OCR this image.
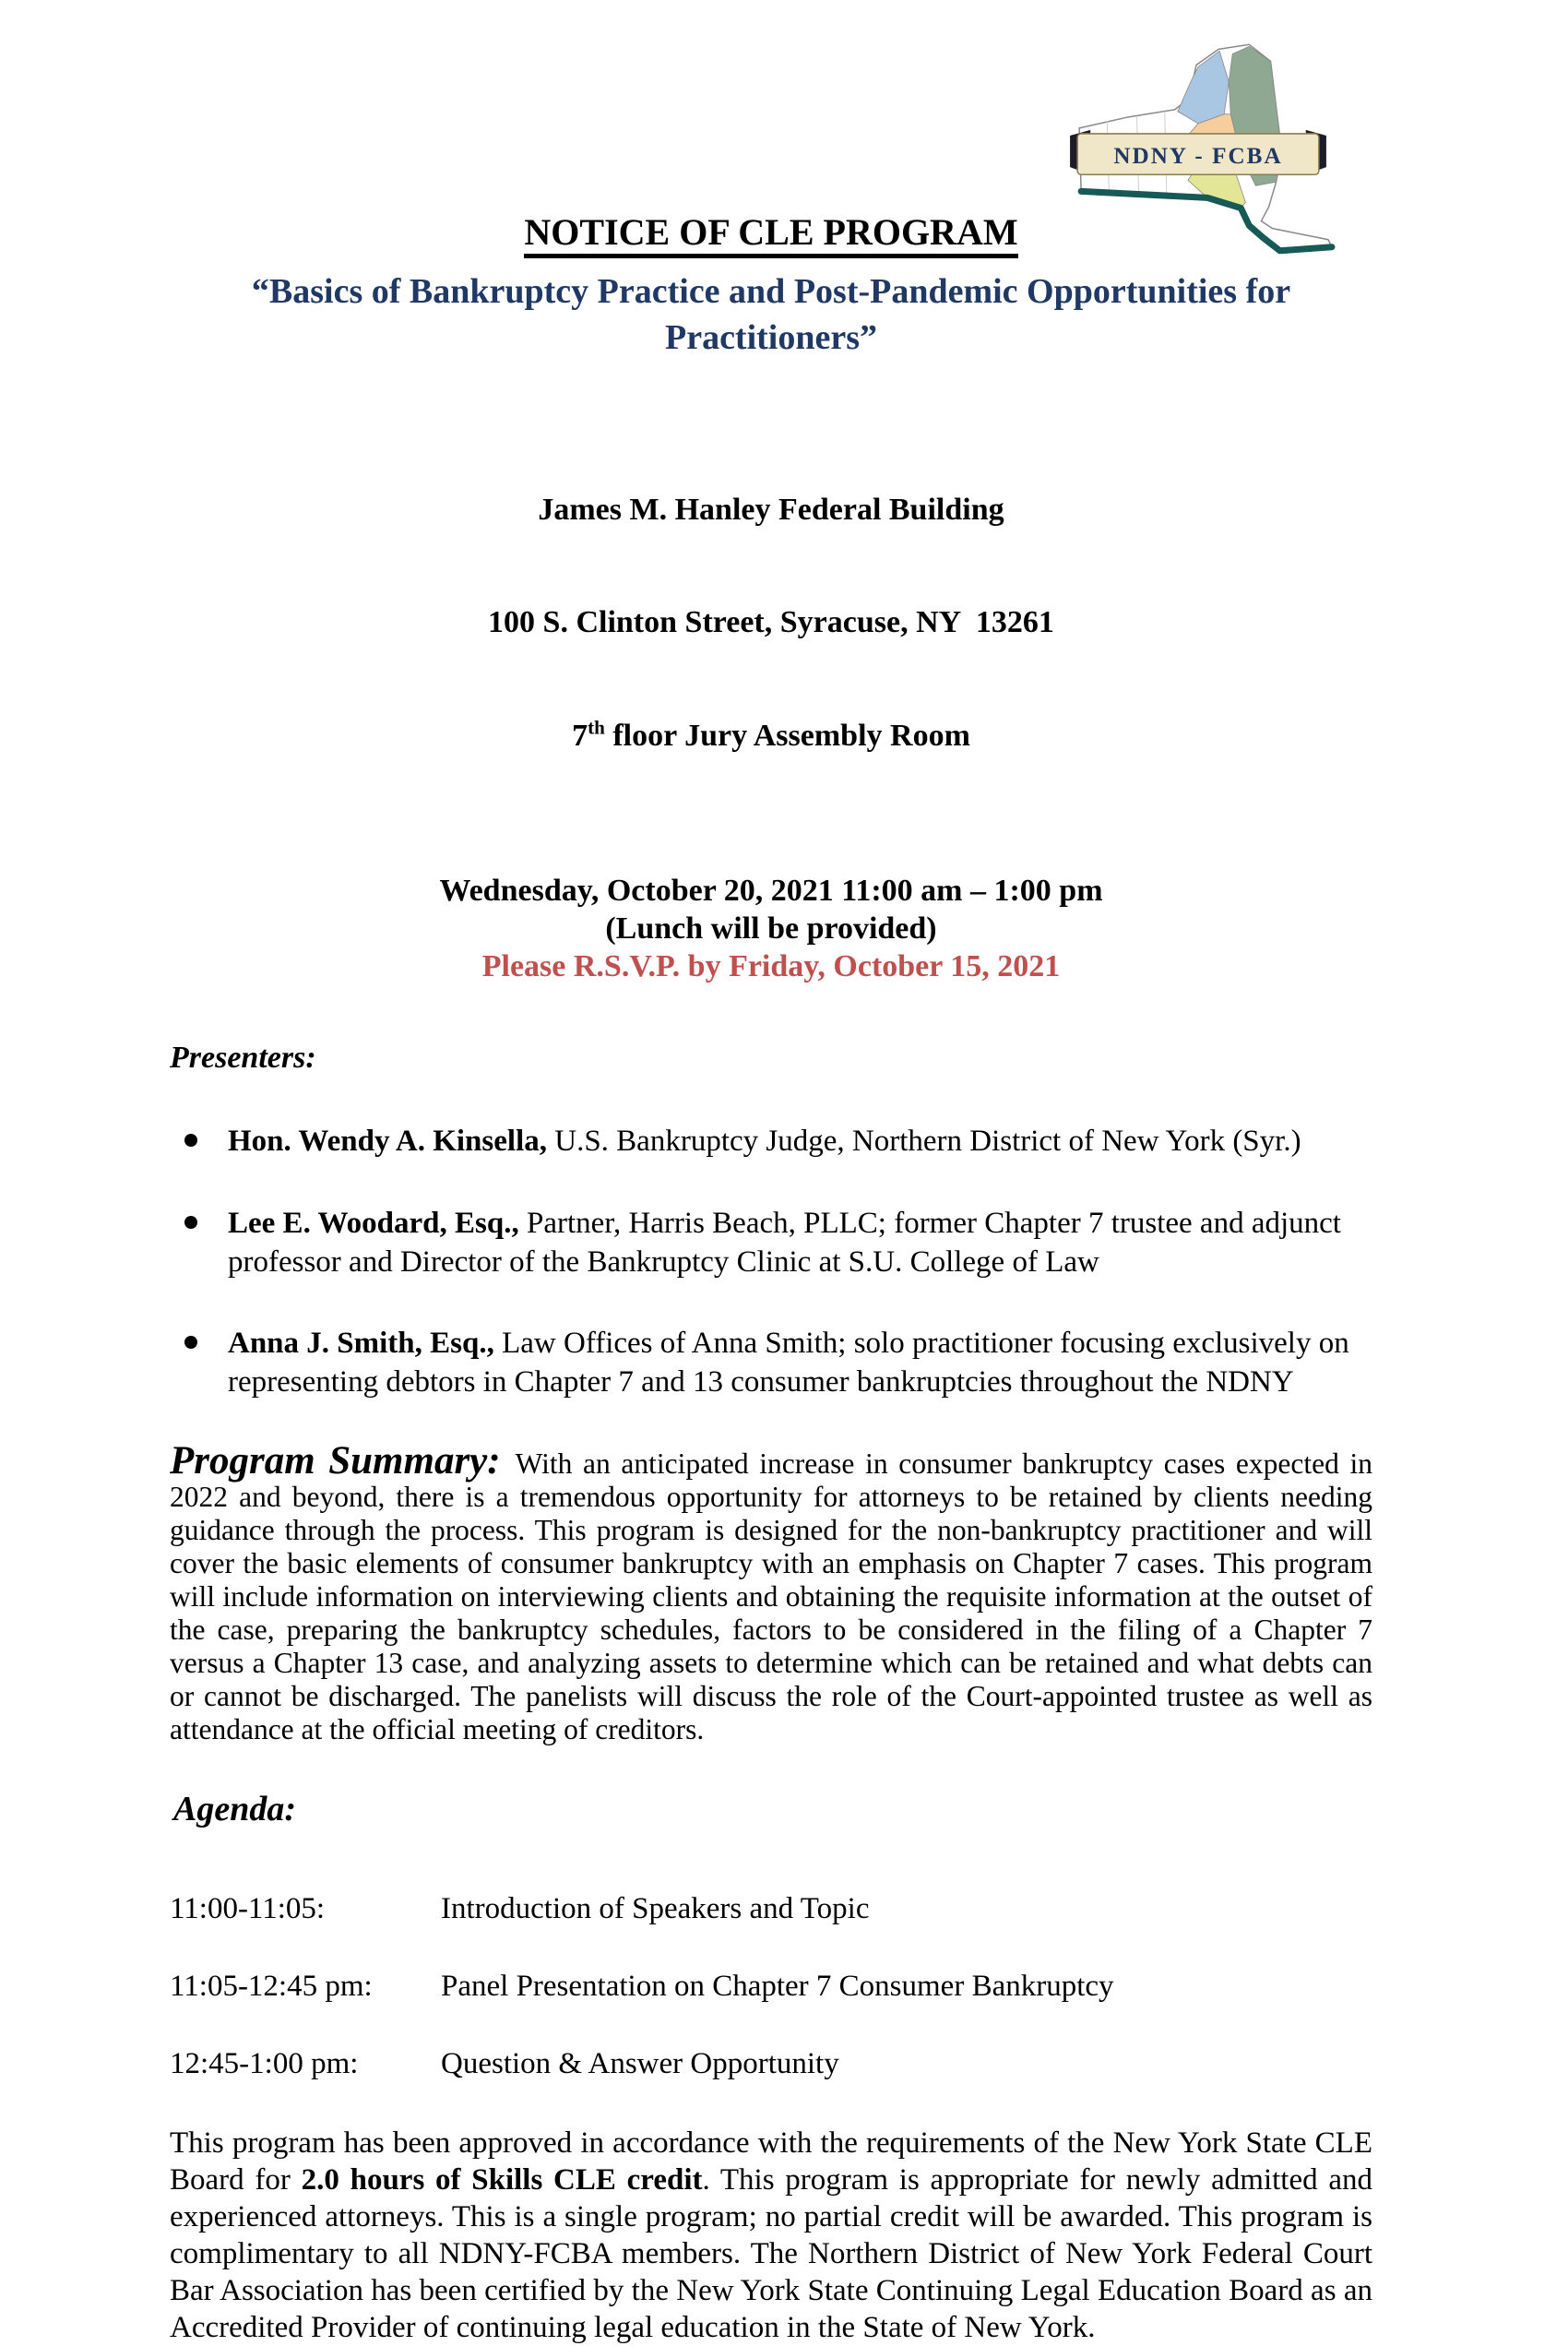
NDNY - FCBA
NOTICE OF CLE PROGRAM
“Basics of Bankruptcy Practice and Post-Pandemic Opportunities for Practitioners”

James M. Hanley Federal Building

100 S. Clinton Street, Syracuse, NY  13261

7th floor Jury Assembly Room

Wednesday, October 20, 2021 11:00 am – 1:00 pm
(Lunch will be provided)
Please R.S.V.P. by Friday, October 15, 2021
Presenters:
Hon. Wendy A. Kinsella, U.S. Bankruptcy Judge, Northern District of New York (Syr.)
Lee E. Woodard, Esq., Partner, Harris Beach, PLLC; former Chapter 7 trustee and adjunct professor and Director of the Bankruptcy Clinic at S.U. College of Law
Anna J. Smith, Esq., Law Offices of Anna Smith; solo practitioner focusing exclusively on representing debtors in Chapter 7 and 13 consumer bankruptcies throughout the NDNY

Program Summary: With an anticipated increase in consumer bankruptcy cases expected in 2022 and beyond, there is a tremendous opportunity for attorneys to be retained by clients needing guidance through the process. This program is designed for the non-bankruptcy practitioner and will cover the basic elements of consumer bankruptcy with an emphasis on Chapter 7 cases. This program will include information on interviewing clients and obtaining the requisite information at the outset of the case, preparing the bankruptcy schedules, factors to be considered in the filing of a Chapter 7 versus a Chapter 13 case, and analyzing assets to determine which can be retained and what debts can or cannot be discharged. The panelists will discuss the role of the Court-appointed trustee as well as attendance at the official meeting of creditors.

Agenda:
11:00-11:05:	Introduction of Speakers and Topic
11:05-12:45 pm:	Panel Presentation on Chapter 7 Consumer Bankruptcy
12:45-1:00 pm:	Question & Answer Opportunity

This program has been approved in accordance with the requirements of the New York State CLE Board for 2.0 hours of Skills CLE credit. This program is appropriate for newly admitted and experienced attorneys. This is a single program; no partial credit will be awarded. This program is complimentary to all NDNY-FCBA members. The Northern District of New York Federal Court Bar Association has been certified by the New York State Continuing Legal Education Board as an Accredited Provider of continuing legal education in the State of New York.
